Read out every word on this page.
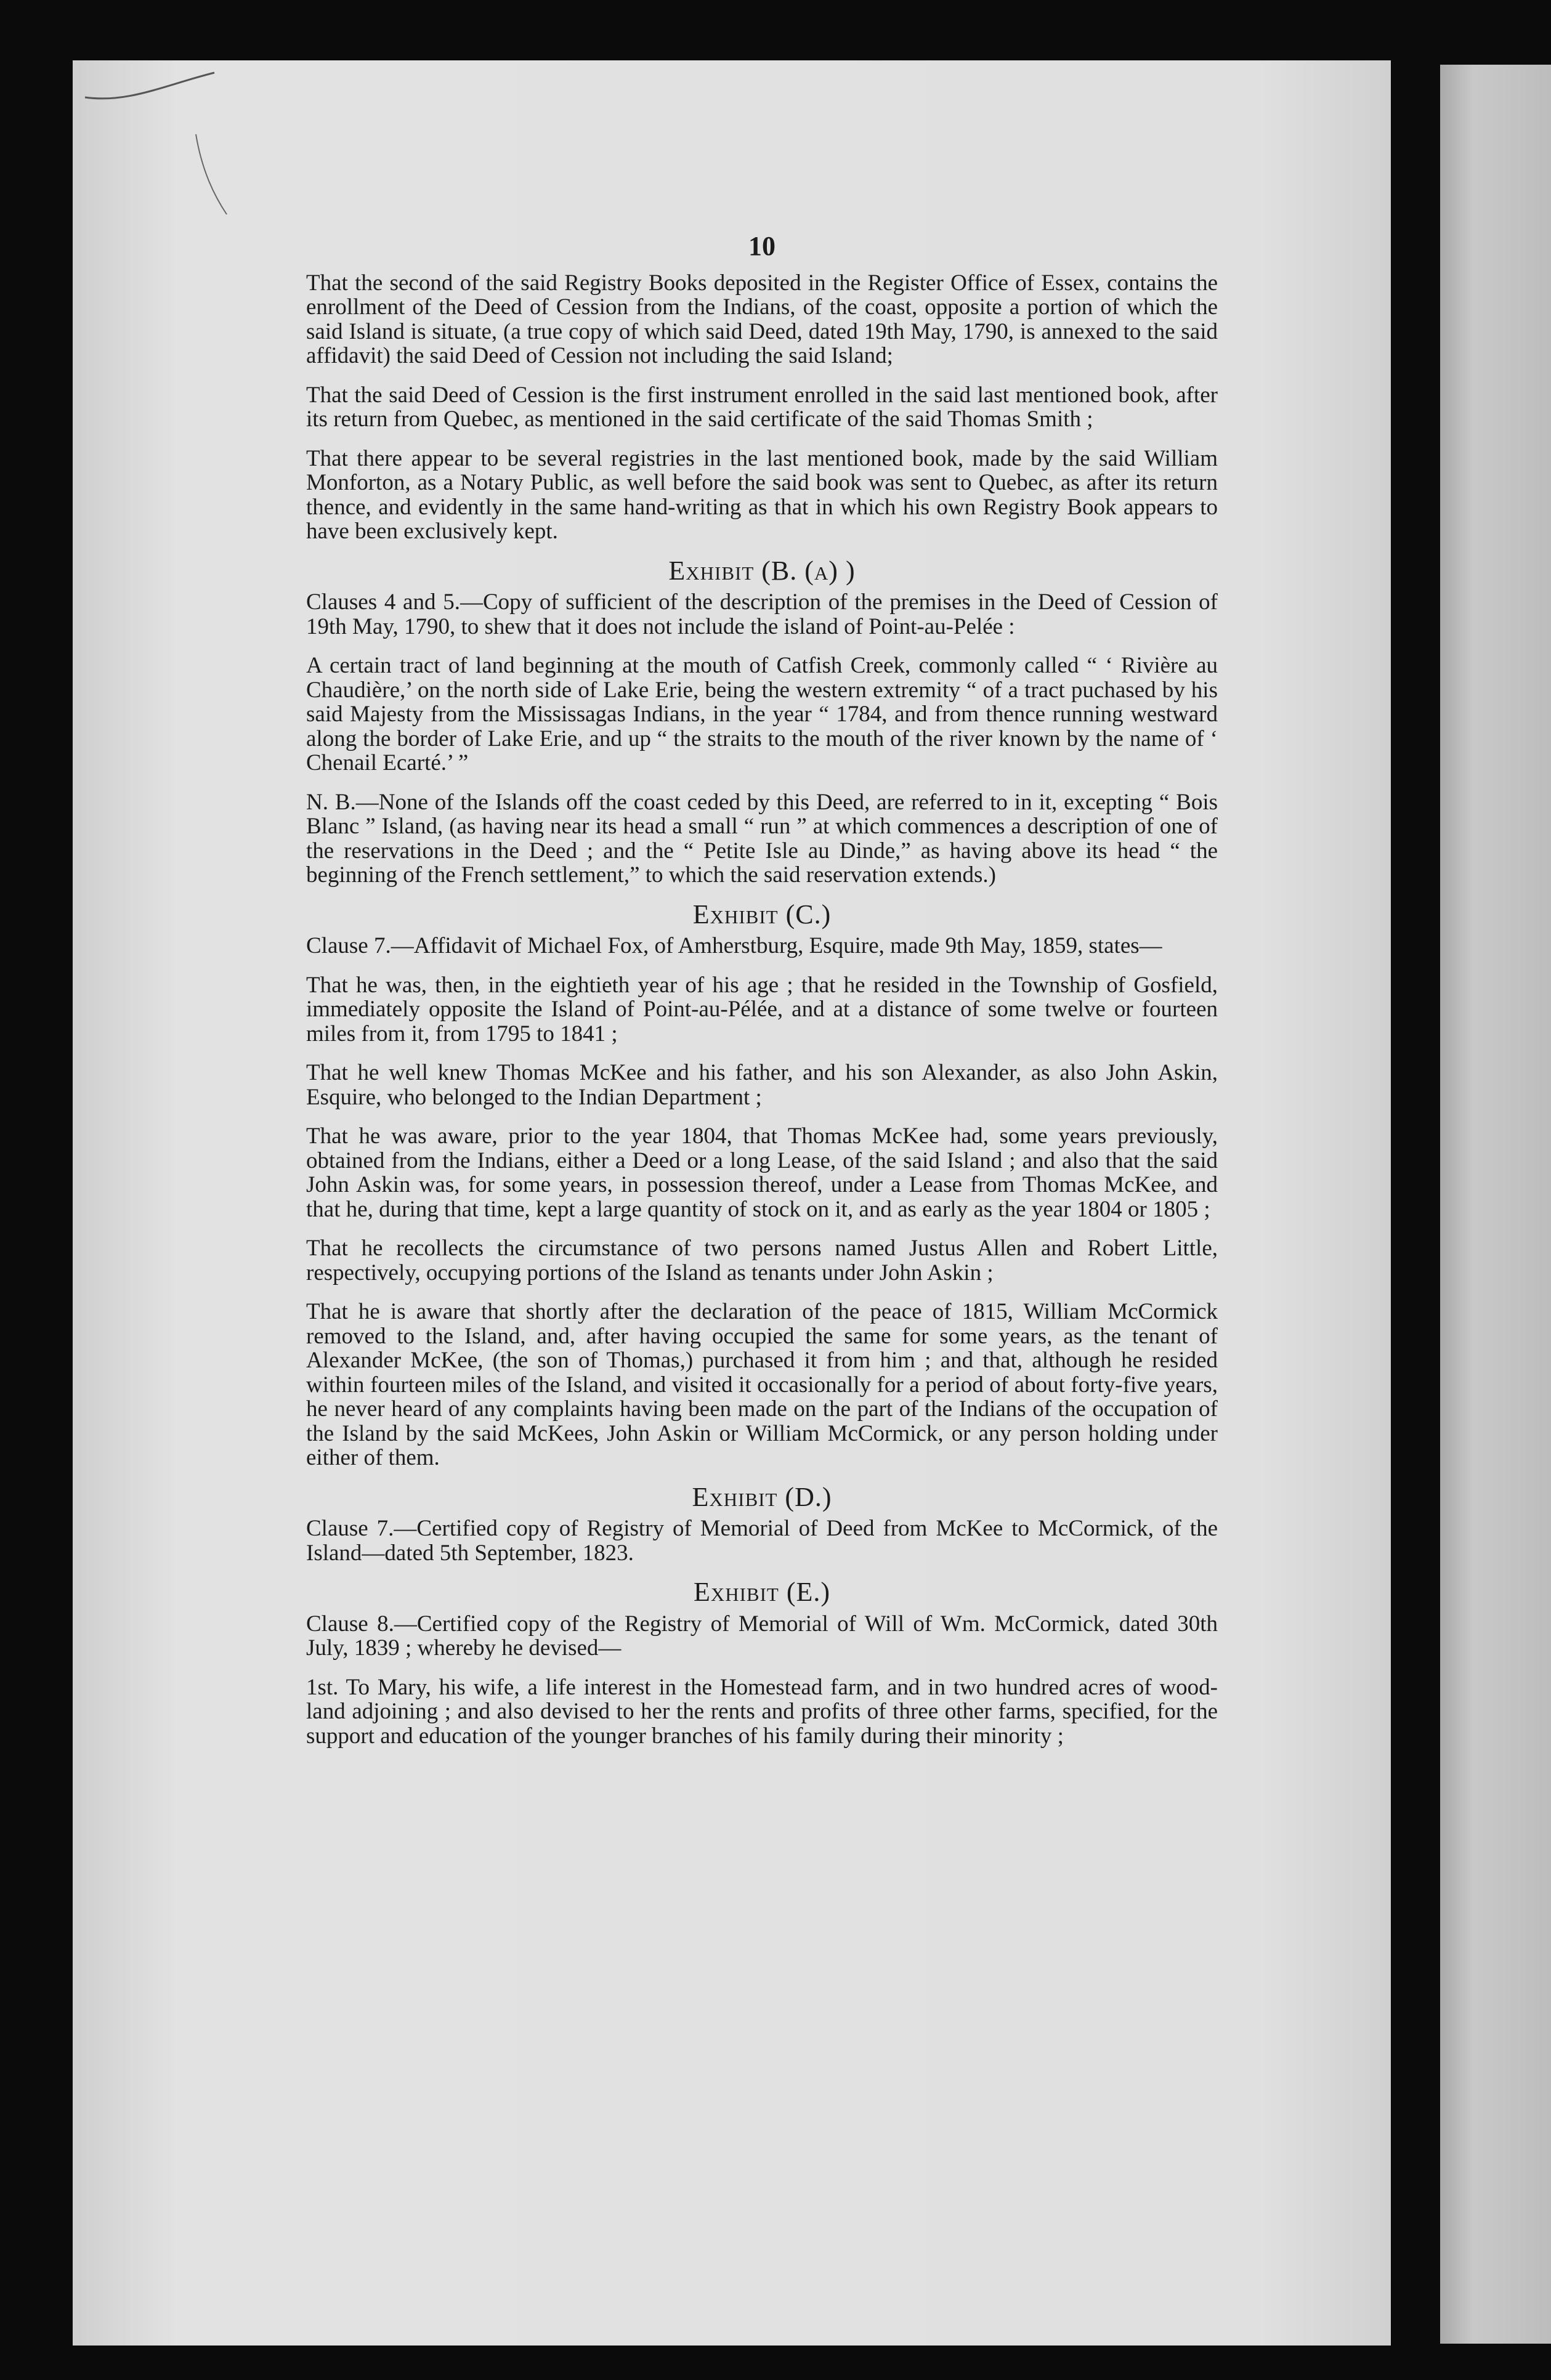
10

That the second of the said Registry Books deposited in the Register Office of Essex, contains the enrollment of the Deed of Cession from the Indians, of the coast, opposite a portion of which the said Island is situate, (a true copy of which said Deed, dated 19th May, 1790, is annexed to the said affidavit) the said Deed of Cession not including the said Island;

That the said Deed of Cession is the first instrument enrolled in the said last mentioned book, after its return from Quebec, as mentioned in the said certificate of the said Thomas Smith ;

That there appear to be several registries in the last mentioned book, made by the said William Monforton, as a Notary Public, as well before the said book was sent to Quebec, as after its return thence, and evidently in the same hand-writing as that in which his own Registry Book appears to have been exclusively kept.

Exhibit (B. (a) )

Clauses 4 and 5.—Copy of sufficient of the description of the premises in the Deed of Cession of 19th May, 1790, to shew that it does not include the island of Point-au-Pelée :

A certain tract of land beginning at the mouth of Catfish Creek, commonly called “ ‘ Rivière au Chaudière,’ on the north side of Lake Erie, being the western extremity “ of a tract puchased by his said Majesty from the Mississagas Indians, in the year “ 1784, and from thence running westward along the border of Lake Erie, and up “ the straits to the mouth of the river known by the name of ‘ Chenail Ecarté.’ ”

N. B.—None of the Islands off the coast ceded by this Deed, are referred to in it, excepting “ Bois Blanc ” Island, (as having near its head a small “ run ” at which commences a description of one of the reservations in the Deed ; and the “ Petite Isle au Dinde,” as having above its head “ the beginning of the French settlement,” to which the said reservation extends.)

Exhibit (C.)

Clause 7.—Affidavit of Michael Fox, of Amherstburg, Esquire, made 9th May, 1859, states—

That he was, then, in the eightieth year of his age ; that he resided in the Township of Gosfield, immediately opposite the Island of Point-au-Pélée, and at a distance of some twelve or fourteen miles from it, from 1795 to 1841 ;

That he well knew Thomas McKee and his father, and his son Alexander, as also John Askin, Esquire, who belonged to the Indian Department ;

That he was aware, prior to the year 1804, that Thomas McKee had, some years previously, obtained from the Indians, either a Deed or a long Lease, of the said Island ; and also that the said John Askin was, for some years, in possession thereof, under a Lease from Thomas McKee, and that he, during that time, kept a large quantity of stock on it, and as early as the year 1804 or 1805 ;

That he recollects the circumstance of two persons named Justus Allen and Robert Little, respectively, occupying portions of the Island as tenants under John Askin ;

That he is aware that shortly after the declaration of the peace of 1815, William McCormick removed to the Island, and, after having occupied the same for some years, as the tenant of Alexander McKee, (the son of Thomas,) purchased it from him ; and that, although he resided within fourteen miles of the Island, and visited it occasionally for a period of about forty-five years, he never heard of any complaints having been made on the part of the Indians of the occupation of the Island by the said McKees, John Askin or William McCormick, or any person holding under either of them.

Exhibit (D.)

Clause 7.—Certified copy of Registry of Memorial of Deed from McKee to McCormick, of the Island—dated 5th September, 1823.

Exhibit (E.)

Clause 8.—Certified copy of the Registry of Memorial of Will of Wm. McCormick, dated 30th July, 1839 ; whereby he devised—

1st. To Mary, his wife, a life interest in the Homestead farm, and in two hundred acres of wood-land adjoining ; and also devised to her the rents and profits of three other farms, specified, for the support and education of the younger branches of his family during their minority ;
